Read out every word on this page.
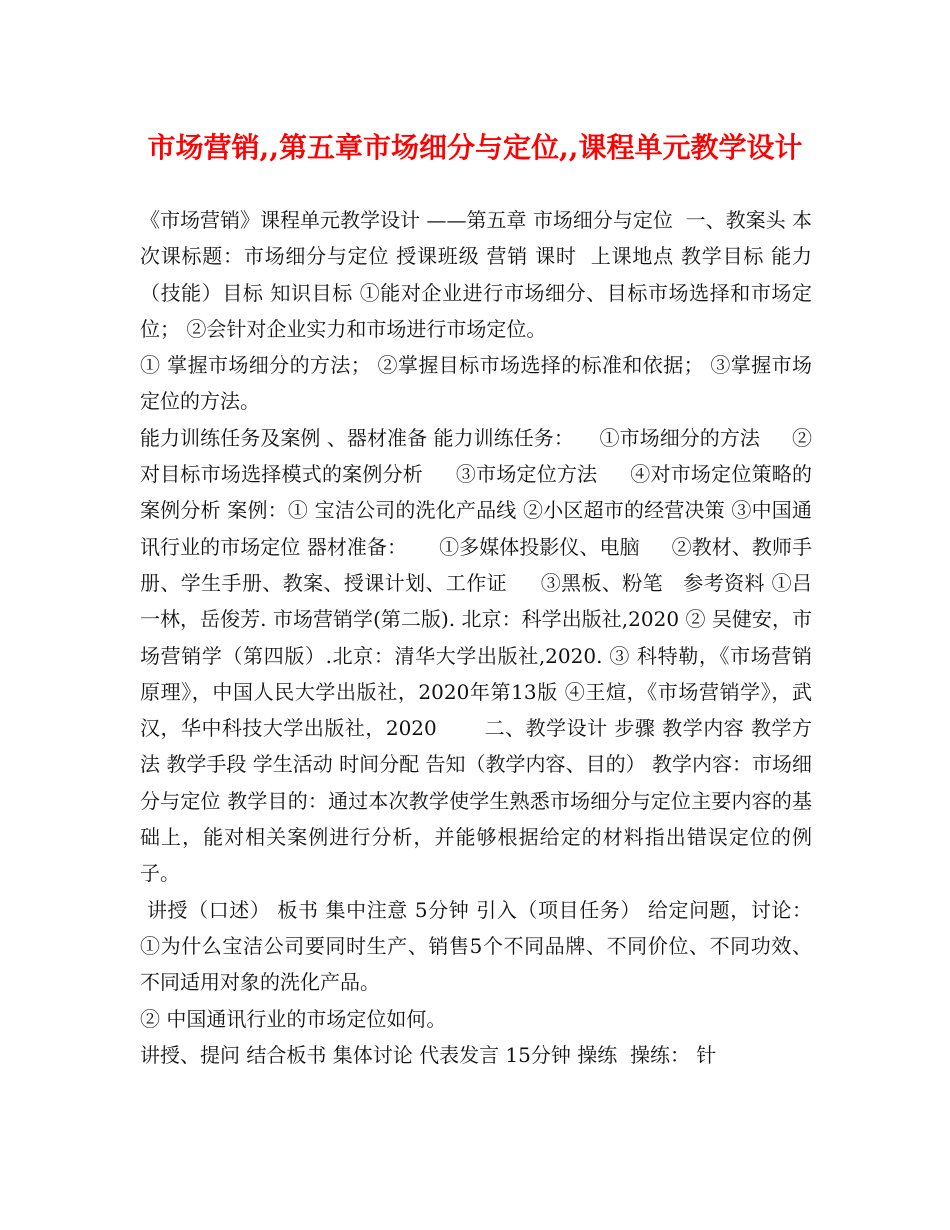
市场营销,,第五章市场细分与定位,,课程单元教学设计

《市场营销》课程单元教学设计 ——第五章 市场细分与定位  一、教案头 本次课标题：市场细分与定位 授课班级 营销 课时  上课地点 教学目标 能力（技能）目标 知识目标 ①能对企业进行市场细分、目标市场选择和市场定位； ②会针对企业实力和市场进行市场定位。

① 掌握市场细分的方法； ②掌握目标市场选择的标准和依据； ③掌握市场定位的方法。

能力训练任务及案例 、器材准备 能力训练任务：    ①市场细分的方法     ②对目标市场选择模式的案例分析     ③市场定位方法     ④对市场定位策略的案例分析 案例：① 宝洁公司的洗化产品线 ②小区超市的经营决策 ③中国通讯行业的市场定位 器材准备：     ①多媒体投影仪、电脑     ②教材、教师手册、学生手册、教案、授课计划、工作证     ③黑板、粉笔   参考资料 ①吕一林，岳俊芳. 市场营销学(第二版). 北京：科学出版社,2020 ② 吴健安，市场营销学（第四版）.北京：清华大学出版社,2020. ③ 科特勒，《市场营销原理》，中国人民大学出版社，2020年第13版 ④王煊，《市场营销学》，武汉，华中科技大学出版社，2020       二、教学设计 步骤 教学内容 教学方法 教学手段 学生活动 时间分配 告知（教学内容、目的） 教学内容：市场细分与定位 教学目的：通过本次教学使学生熟悉市场细分与定位主要内容的基础上，能对相关案例进行分析，并能够根据给定的材料指出错误定位的例子。

讲授（口述） 板书 集中注意 5分钟 引入（项目任务） 给定问题，讨论： ①为什么宝洁公司要同时生产、销售5个不同品牌、不同价位、不同功效、不同适用对象的洗化产品。

② 中国通讯行业的市场定位如何。

讲授、提问 结合板书 集体讨论 代表发言 15分钟 操练  操练： 针
